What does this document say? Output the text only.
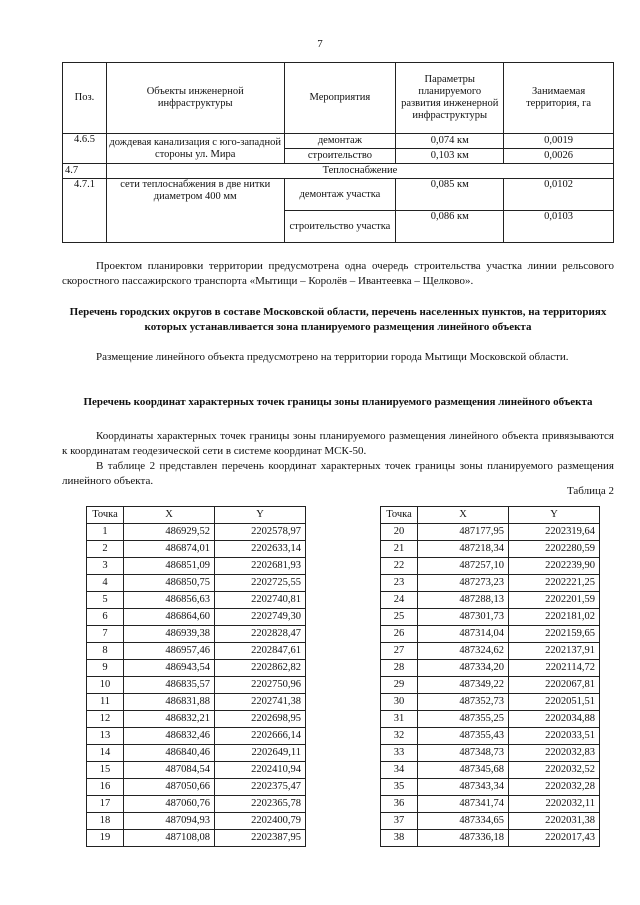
7
Поз.	Объекты инженерной инфраструктуры	Мероприятия	Параметры планируемого развития инженерной инфраструктуры	Занимаемая территория, га
4.6.5	дождевая канализация с юго-западной стороны ул. Мира	демонтаж	0,074 км	0,0019
		строительство	0,103 км	0,0026
4.7	Теплоснабжение			
4.7.1	сети теплоснабжения в две нитки диаметром 400 мм	демонтаж участка	0,085 км	0,0102
		строительство участка	0,086 км	0,0103

Проектом планировки территории предусмотрена одна очередь строительства участка линии рельсового скоростного пассажирского транспорта «Мытищи – Королёв – Ивантеевка – Щелково».

Перечень городских округов в составе Московской области, перечень населенных пунктов, на территориях которых устанавливается зона планируемого размещения линейного объекта

Размещение линейного объекта предусмотрено на территории города Мытищи Московской области.

Перечень координат характерных точек границы зоны планируемого размещения линейного объекта

Координаты характерных точек границы зоны планируемого размещения линейного объекта привязываются к координатам геодезической сети в системе координат МСК-50.

В таблице 2 представлен перечень координат характерных точек границы зоны планируемого размещения линейного объекта.

Таблица 2
Точка	X	Y
1	486929,52	2202578,97
2	486874,01	2202633,14
3	486851,09	2202681,93
4	486850,75	2202725,55
5	486856,63	2202740,81
6	486864,60	2202749,30
7	486939,38	2202828,47
8	486957,46	2202847,61
9	486943,54	2202862,82
10	486835,57	2202750,96
11	486831,88	2202741,38
12	486832,21	2202698,95
13	486832,46	2202666,14
14	486840,46	2202649,11
15	487084,54	2202410,94
16	487050,66	2202375,47
17	487060,76	2202365,78
18	487094,93	2202400,79
19	487108,08	2202387,95
Точка	X	Y
20	487177,95	2202319,64
21	487218,34	2202280,59
22	487257,10	2202239,90
23	487273,23	2202221,25
24	487288,13	2202201,59
25	487301,73	2202181,02
26	487314,04	2202159,65
27	487324,62	2202137,91
28	487334,20	2202114,72
29	487349,22	2202067,81
30	487352,73	2202051,51
31	487355,25	2202034,88
32	487355,43	2202033,51
33	487348,73	2202032,83
34	487345,68	2202032,52
35	487343,34	2202032,28
36	487341,74	2202032,11
37	487334,65	2202031,38
38	487336,18	2202017,43
